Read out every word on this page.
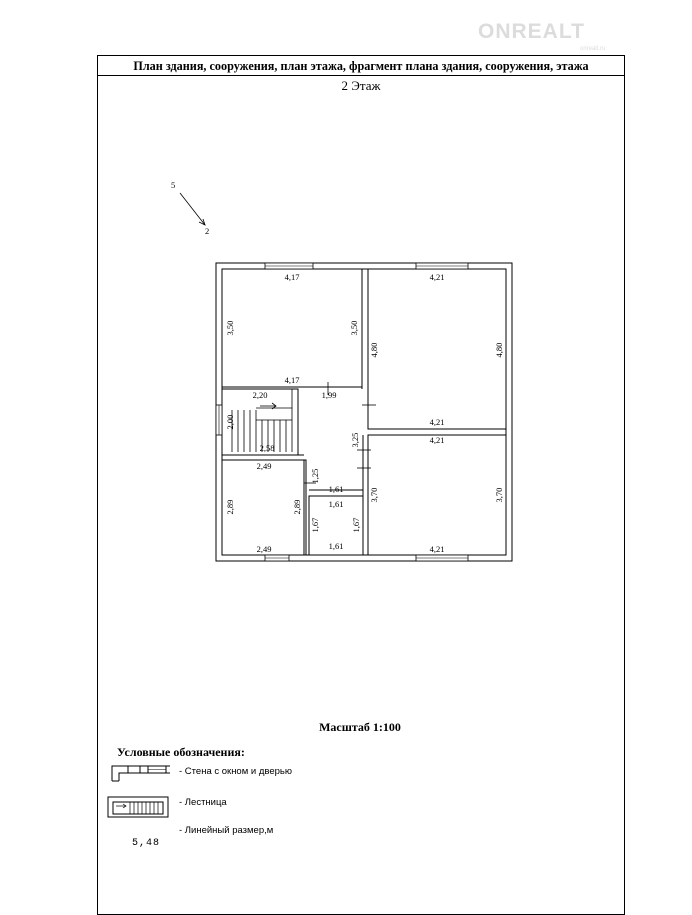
ONREALT
onrealt.ru
План здания, сооружения, план этажа, фрагмент плана здания, сооружения, этажа
2 Этаж
5
2
4,17
3,50	3,50
4,17
4,21
4,80	4,80
4,21
2,20
2,00
2,58
1,99
3,25
1,25
4,21
3,70	3,70
4,21
2,49
2,89	2,89
2,49
1,61
1,61
1,67	1,67
1,61
Масштаб 1:100
Условные обозначения:
- Стена с окном и дверью
- Лестница
- Линейный размер,м
5,48
